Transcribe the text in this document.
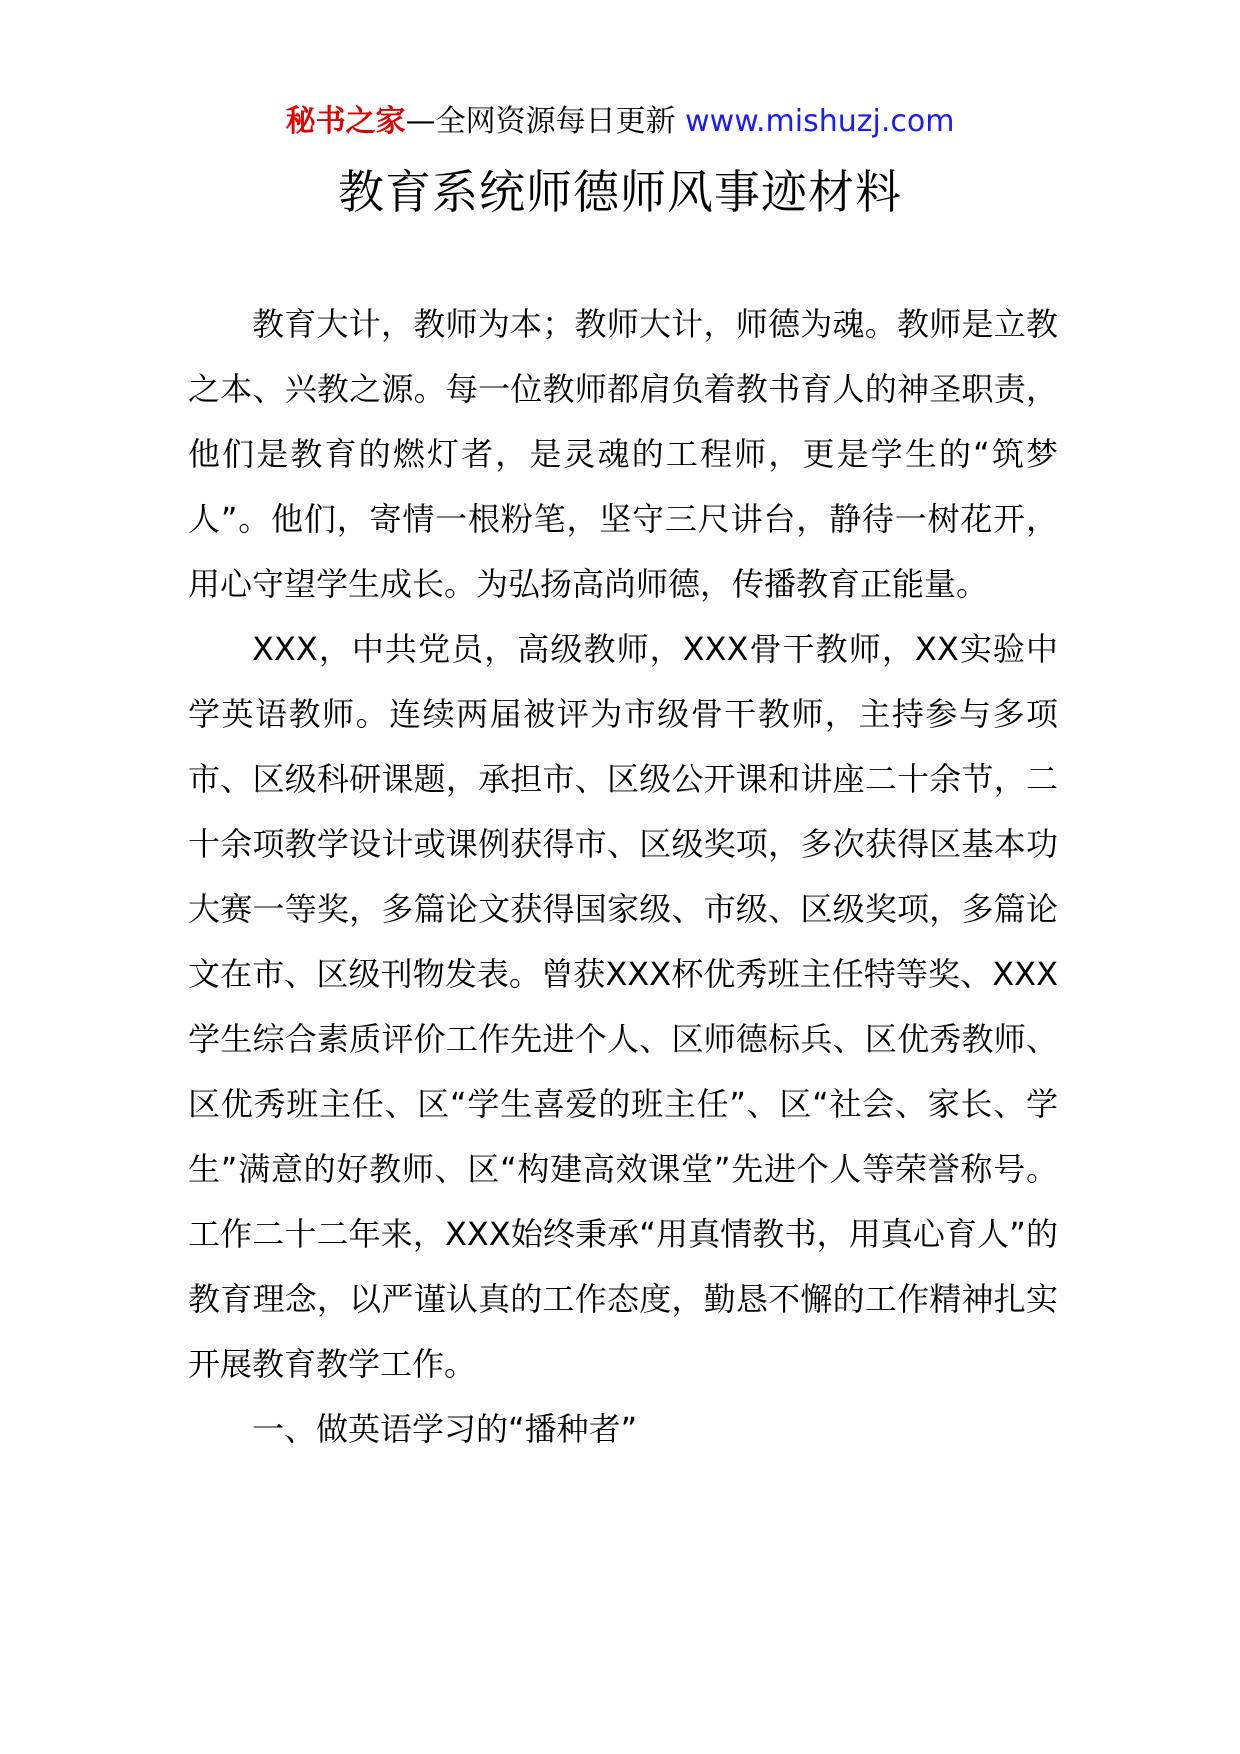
秘书之家—全网资源每日更新 www.mishuzj.com
教育系统师德师风事迹材料

教育大计，教师为本；教师大计，师德为魂。教师是立教之本、兴教之源。每一位教师都肩负着教书育人的神圣职责，他们是教育的燃灯者，是灵魂的工程师，更是学生的“筑梦人”。他们，寄情一根粉笔，坚守三尺讲台，静待一树花开，用心守望学生成长。为弘扬高尚师德，传播教育正能量。

XXX，中共党员，高级教师，XXX骨干教师，XX实验中学英语教师。连续两届被评为市级骨干教师，主持参与多项市、区级科研课题，承担市、区级公开课和讲座二十余节，二十余项教学设计或课例获得市、区级奖项，多次获得区基本功大赛一等奖，多篇论文获得国家级、市级、区级奖项，多篇论文在市、区级刊物发表。曾获XXX杯优秀班主任特等奖、XXX学生综合素质评价工作先进个人、区师德标兵、区优秀教师、区优秀班主任、区“学生喜爱的班主任”、区“社会、家长、学生”满意的好教师、区“构建高效课堂”先进个人等荣誉称号。工作二十二年来，XXX始终秉承“用真情教书，用真心育人”的教育理念，以严谨认真的工作态度，勤恳不懈的工作精神扎实开展教育教学工作。

一、做英语学习的“播种者”
